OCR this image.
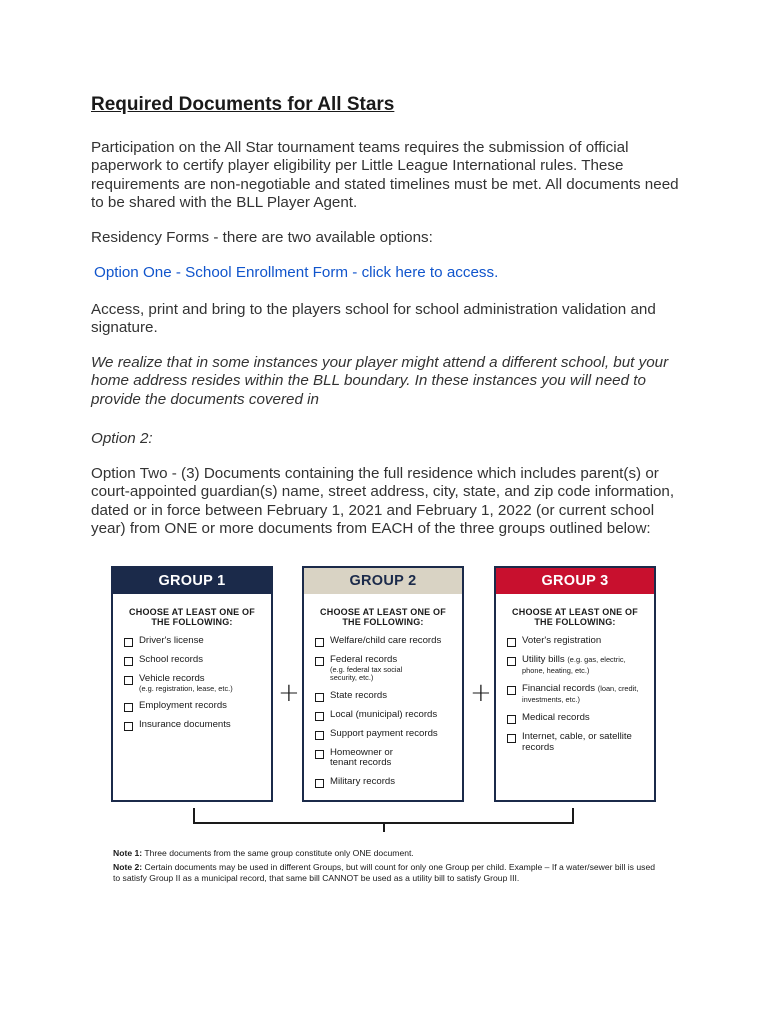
Required Documents for All Stars

Participation on the All Star tournament teams requires the submission of official paperwork to certify player eligibility per Little League International rules. These requirements are non-negotiable and stated timelines must be met. All documents need to be shared with the BLL Player Agent.

Residency Forms - there are two available options:

Option One - School Enrollment Form - click here to access.

Access, print and bring to the players school for school administration validation and signature.

We realize that in some instances your player might attend a different school, but your home address resides within the BLL boundary. In these instances you will need to provide the documents covered in

Option 2:

Option Two - (3) Documents containing the full residence which includes parent(s) or court-appointed guardian(s) name, street address, city, state, and zip code information, dated or in force between February 1, 2021 and February 1, 2022 (or current school year) from ONE or more documents from EACH of the three groups outlined below:

GROUP 1
CHOOSE AT LEAST ONE OF
THE FOLLOWING:
Driver's license
School records
Vehicle records
(e.g. registration, lease, etc.)
Employment records
Insurance documents
+
GROUP 2
CHOOSE AT LEAST ONE OF
THE FOLLOWING:
Welfare/child care records
Federal records
(e.g. federal tax social security, etc.)
State records
Local (municipal) records
Support payment records
Homeowner or tenant records
Military records
+
GROUP 3
CHOOSE AT LEAST ONE OF
THE FOLLOWING:
Voter's registration
Utility bills (e.g. gas, electric, phone, heating, etc.)
Financial records (loan, credit, investments, etc.)
Medical records
Internet, cable, or satellite records

Note 1: Three documents from the same group constitute only ONE document.

Note 2: Certain documents may be used in different Groups, but will count for only one Group per child. Example – If a water/sewer bill is used to satisfy Group II as a municipal record, that same bill CANNOT be used as a utility bill to satisfy Group III.
